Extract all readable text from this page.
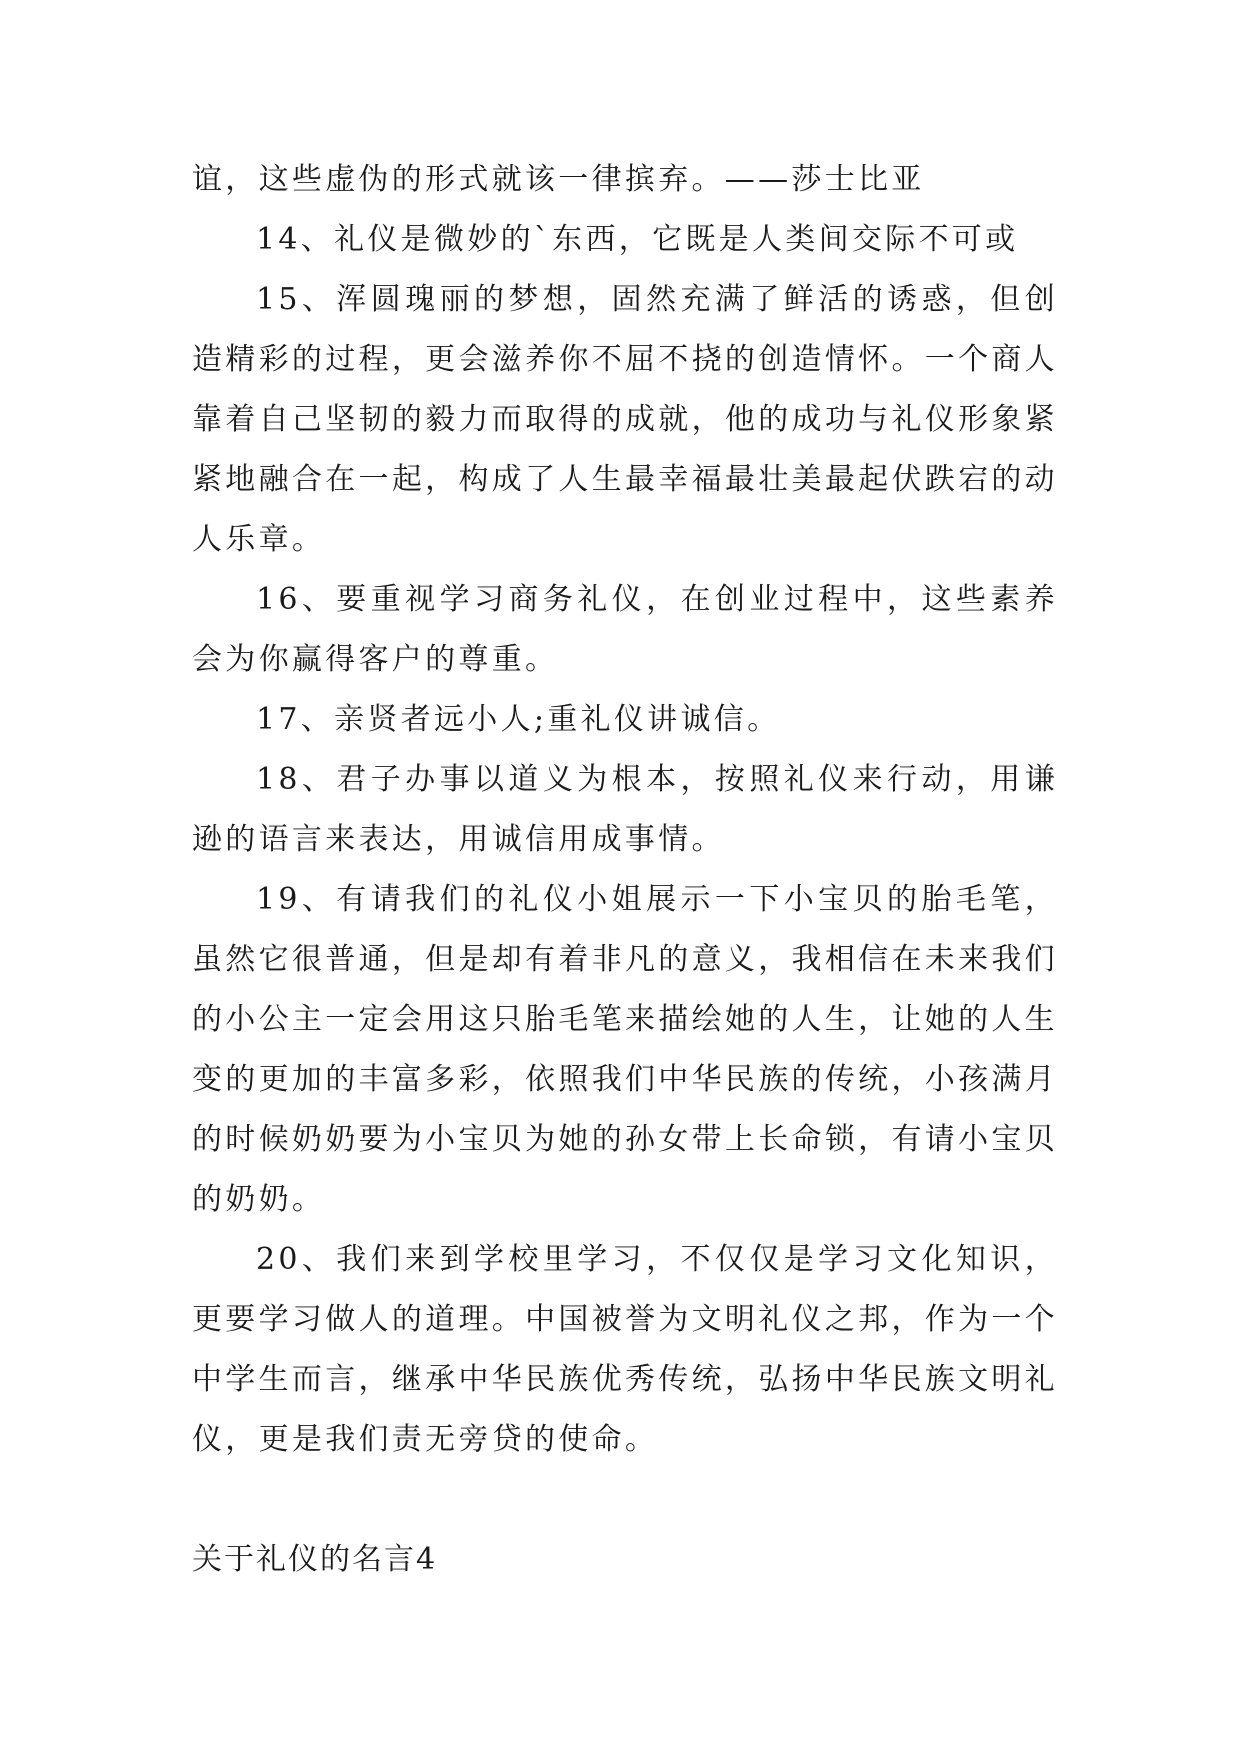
谊，这些虚伪的形式就该一律摈弃。——莎士比亚

14、礼仪是微妙的`东西，它既是人类间交际不可或

15、浑圆瑰丽的梦想，固然充满了鲜活的诱惑，但创造精彩的过程，更会滋养你不屈不挠的创造情怀。一个商人靠着自己坚韧的毅力而取得的成就，他的成功与礼仪形象紧紧地融合在一起，构成了人生最幸福最壮美最起伏跌宕的动人乐章。

16、要重视学习商务礼仪，在创业过程中，这些素养会为你赢得客户的尊重。

17、亲贤者远小人;重礼仪讲诚信。

18、君子办事以道义为根本，按照礼仪来行动，用谦逊的语言来表达，用诚信用成事情。

19、有请我们的礼仪小姐展示一下小宝贝的胎毛笔，虽然它很普通，但是却有着非凡的意义，我相信在未来我们的小公主一定会用这只胎毛笔来描绘她的人生，让她的人生变的更加的丰富多彩，依照我们中华民族的传统，小孩满月的时候奶奶要为小宝贝为她的孙女带上长命锁，有请小宝贝的奶奶。

20、我们来到学校里学习，不仅仅是学习文化知识，更要学习做人的道理。中国被誉为文明礼仪之邦，作为一个中学生而言，继承中华民族优秀传统，弘扬中华民族文明礼仪，更是我们责无旁贷的使命。

关于礼仪的名言4
